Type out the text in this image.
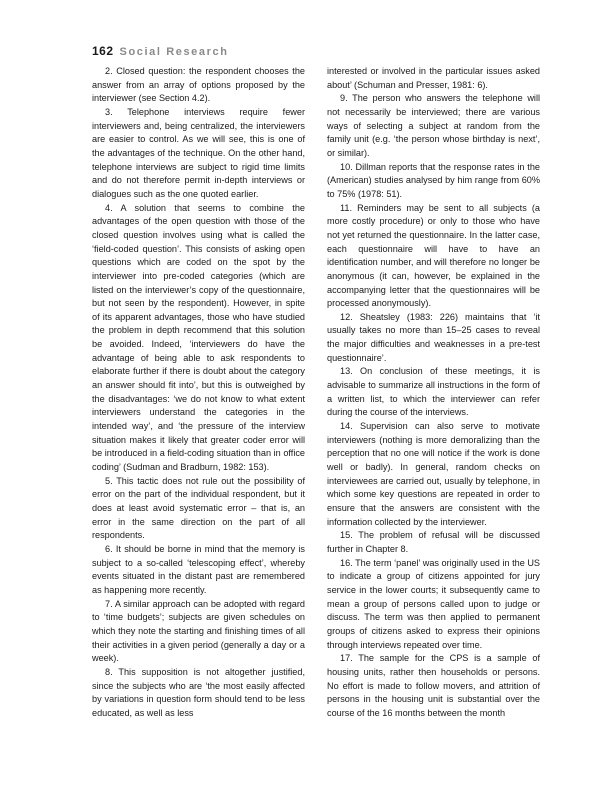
162 Social Research

2. Closed question: the respondent chooses the answer from an array of options proposed by the interviewer (see Section 4.2).

3. Telephone interviews require fewer interviewers and, being centralized, the interviewers are easier to control. As we will see, this is one of the advantages of the technique. On the other hand, telephone interviews are subject to rigid time limits and do not therefore permit in-depth interviews or dialogues such as the one quoted earlier.

4. A solution that seems to combine the advantages of the open question with those of the closed question involves using what is called the ‘field-coded question’. This consists of asking open questions which are coded on the spot by the interviewer into pre-coded categories (which are listed on the interviewer’s copy of the questionnaire, but not seen by the respondent). However, in spite of its apparent advantages, those who have studied the problem in depth recommend that this solution be avoided. Indeed, ‘interviewers do have the advantage of being able to ask respondents to elaborate further if there is doubt about the category an answer should fit into’, but this is outweighed by the disadvantages: ‘we do not know to what extent interviewers understand the categories in the intended way’, and ‘the pressure of the interview situation makes it likely that greater coder error will be introduced in a field-coding situation than in office coding’ (Sudman and Bradburn, 1982: 153).

5. This tactic does not rule out the possibility of error on the part of the individual respondent, but it does at least avoid systematic error – that is, an error in the same direction on the part of all respondents.

6. It should be borne in mind that the memory is subject to a so-called ‘telescoping effect’, whereby events situated in the distant past are remembered as happening more recently.

7. A similar approach can be adopted with regard to ‘time budgets’; subjects are given schedules on which they note the starting and finishing times of all their activities in a given period (generally a day or a week).

8. This supposition is not altogether justified, since the subjects who are ‘the most easily affected by variations in question form should tend to be less educated, as well as less

interested or involved in the particular issues asked about’ (Schuman and Presser, 1981: 6).

9. The person who answers the telephone will not necessarily be interviewed; there are various ways of selecting a subject at random from the family unit (e.g. ‘the person whose birthday is next’, or similar).

10. Dillman reports that the response rates in the (American) studies analysed by him range from 60% to 75% (1978: 51).

11. Reminders may be sent to all subjects (a more costly procedure) or only to those who have not yet returned the questionnaire. In the latter case, each questionnaire will have to have an identification number, and will therefore no longer be anonymous (it can, however, be explained in the accompanying letter that the questionnaires will be processed anonymously).

12. Sheatsley (1983: 226) maintains that ‘it usually takes no more than 15–25 cases to reveal the major difficulties and weaknesses in a pre-test questionnaire’.

13. On conclusion of these meetings, it is advisable to summarize all instructions in the form of a written list, to which the interviewer can refer during the course of the interviews.

14. Supervision can also serve to motivate interviewers (nothing is more demoralizing than the perception that no one will notice if the work is done well or badly). In general, random checks on interviewees are carried out, usually by telephone, in which some key questions are repeated in order to ensure that the answers are consistent with the information collected by the interviewer.

15. The problem of refusal will be discussed further in Chapter 8.

16. The term ‘panel’ was originally used in the US to indicate a group of citizens appointed for jury service in the lower courts; it subsequently came to mean a group of persons called upon to judge or discuss. The term was then applied to permanent groups of citizens asked to express their opinions through interviews repeated over time.

17. The sample for the CPS is a sample of housing units, rather then households or persons. No effort is made to follow movers, and attrition of persons in the housing unit is substantial over the course of the 16 months between the month
